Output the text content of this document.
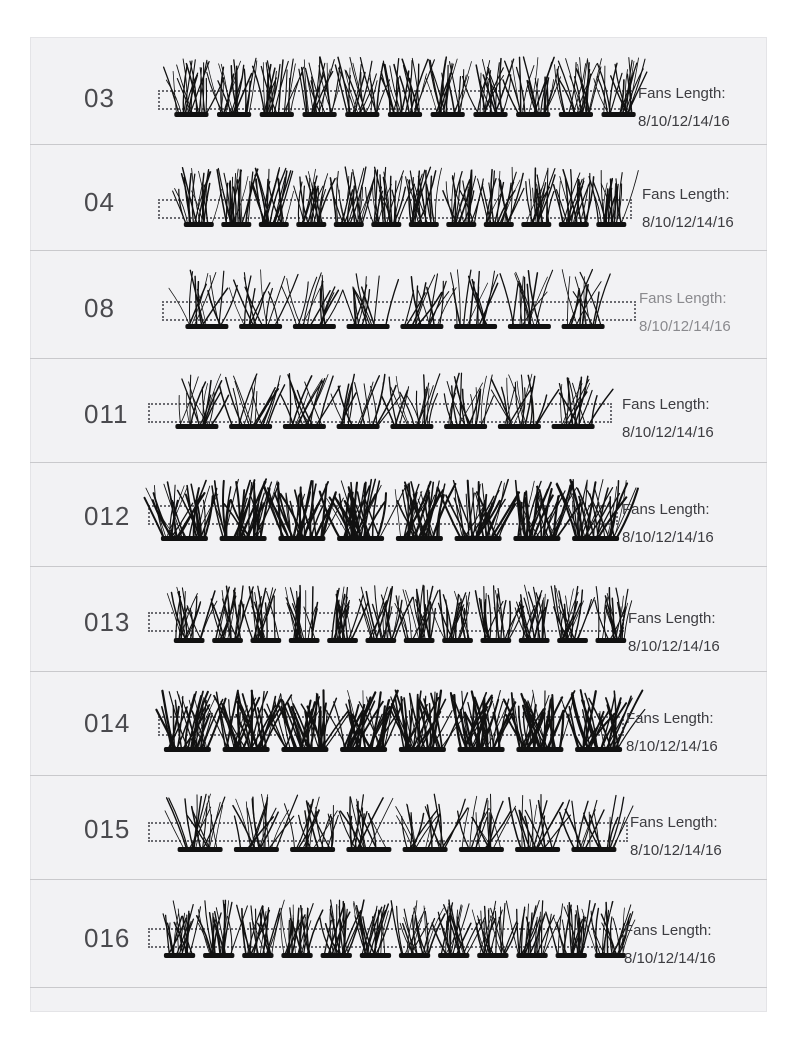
03	Fans Length:
8/10/12/14/16
04	Fans Length:
8/10/12/14/16
08	Fans Length:
8/10/12/14/16
011	Fans Length:
8/10/12/14/16
012	Fans Length:
8/10/12/14/16
013	Fans Length:
8/10/12/14/16
014	Fans Length:
8/10/12/14/16
015	Fans Length:
8/10/12/14/16
016	Fans Length:
8/10/12/14/16
